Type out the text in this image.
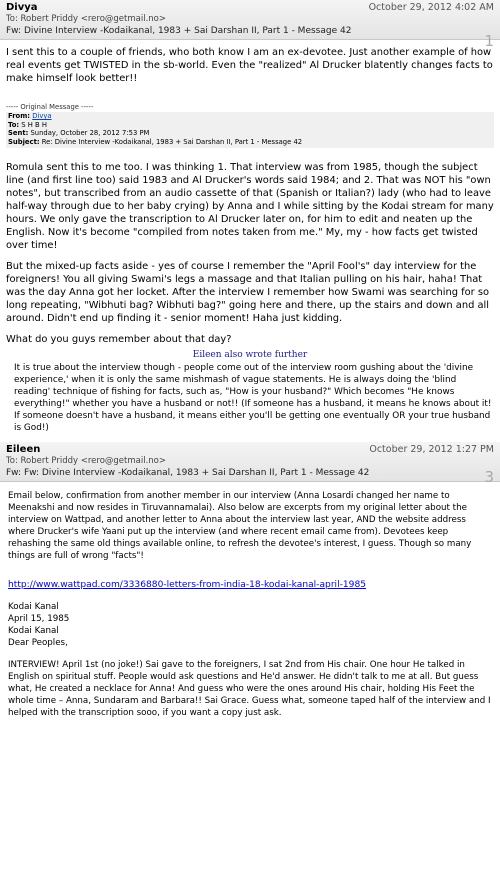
Divya	October 29, 2012 4:02 AM
To: Robert Priddy <rero@getmail.no>
Fw: Divine Interview -Kodaikanal, 1983 + Sai Darshan II, Part 1 - Message 42
1

I sent this to a couple of friends, who both know I am an ex-devotee. Just another example of how real events get TWISTED in the sb-world. Even the "realized" Al Drucker blatently changes facts to make himself look better!!

----- Original Message -----
From: Divya
To: S H B H
Sent: Sunday, October 28, 2012 7:53 PM
Subject: Re: Divine Interview -Kodaikanal, 1983 + Sai Darshan II, Part 1 - Message 42

Romula sent this to me too. I was thinking 1. That interview was from 1985, though the subject line (and first line too) said 1983 and Al Drucker's words said 1984; and 2. That was NOT his "own notes", but transcribed from an audio cassette of that (Spanish or Italian?) lady (who had to leave half-way through due to her baby crying) by Anna and I while sitting by the Kodai stream for many hours. We only gave the transcription to Al Drucker later on, for him to edit and neaten up the English. Now it's become "compiled from notes taken from me." My, my - how facts get twisted over time!

But the mixed-up facts aside - yes of course I remember the "April Fool's" day interview for the foreigners! You all giving Swami's legs a massage and that Italian pulling on his hair, haha! That was the day Anna got her locket. After the interview I remember how Swami was searching for so long repeating, "Wibhuti bag? Wibhuti bag?" going here and there, up the stairs and down and all around. Didn't end up finding it - senior moment! Haha just kidding.

What do you guys remember about that day?

Eileen also wrote further

It is true about the interview though - people come out of the interview room gushing about the 'divine experience,' when it is only the same mishmash of vague statements. He is always doing the 'blind reading' technique of fishing for facts, such as, "How is your husband?" Which becomes "He knows everything!" whether you have a husband or not!! (If someone has a husband, it means he knows about it! If someone doesn't have a husband, it means either you'll be getting one eventually OR your true husband is God!)

Eileen	October 29, 2012 1:27 PM
To: Robert Priddy <rero@getmail.no>
Fw: Fw: Divine Interview -Kodaikanal, 1983 + Sai Darshan II, Part 1 - Message 42	3

Email below, confirmation from another member in our interview (Anna Losardi changed her name to Meenakshi and now resides in Tiruvannamalai). Also below are excerpts from my original letter about the interview on Wattpad, and another letter to Anna about the interview last year, AND the website address where Drucker's wife Yaani put up the interview (and where recent email came from). Devotees keep rehashing the same old things available online, to refresh the devotee's interest, I guess. Though so many things are full of wrong "facts"!

http://www.wattpad.com/3336880-letters-from-india-18-kodai-kanal-april-1985
Kodai Kanal
April 15, 1985
Kodai Kanal
Dear Peoples,

INTERVIEW! April 1st (no joke!) Sai gave to the foreigners, I sat 2nd from His chair. One hour He talked in English on spiritual stuff. People would ask questions and He'd answer. He didn't talk to me at all. But guess what, He created a necklace for Anna! And guess who were the ones around His chair, holding His Feet the whole time – Anna, Sundaram and Barbara!! Sai Grace. Guess what, someone taped half of the interview and I helped with the transcription sooo, if you want a copy just ask.
